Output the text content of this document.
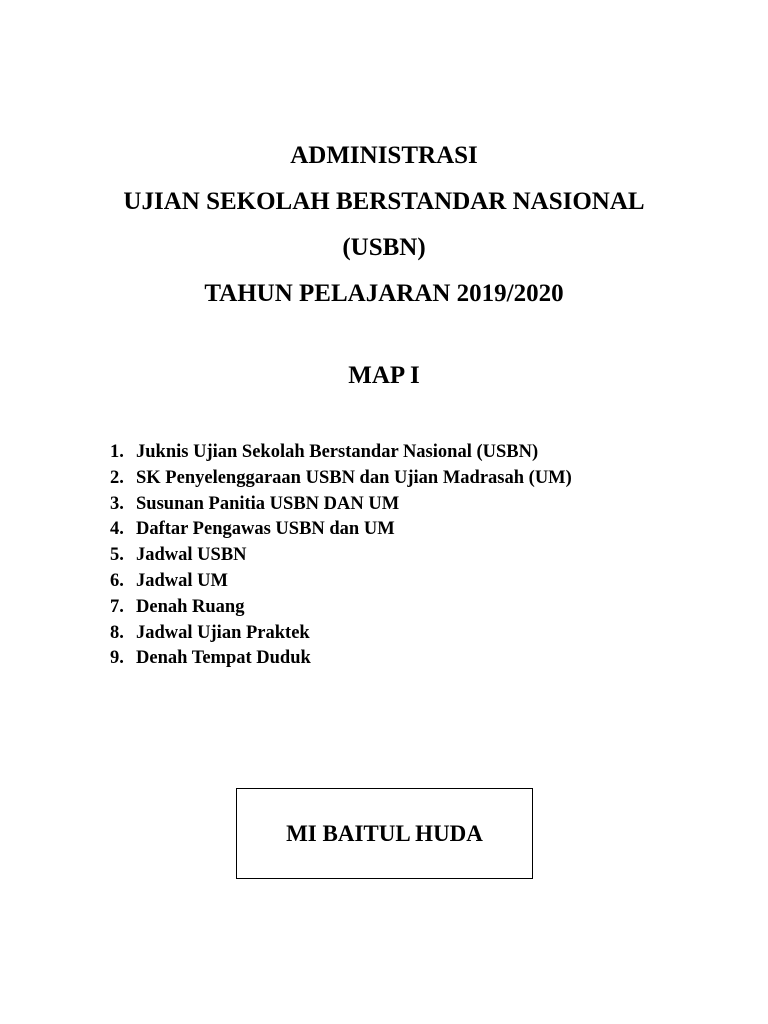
ADMINISTRASI
UJIAN SEKOLAH BERSTANDAR NASIONAL
(USBN)
TAHUN PELAJARAN 2019/2020
MAP I
1. Juknis Ujian Sekolah Berstandar Nasional (USBN)
2. SK Penyelenggaraan USBN dan Ujian Madrasah (UM)
3. Susunan Panitia USBN DAN UM
4. Daftar Pengawas USBN dan UM
5. Jadwal USBN
6. Jadwal UM
7. Denah Ruang
8. Jadwal Ujian Praktek
9. Denah Tempat Duduk
MI BAITUL HUDA
